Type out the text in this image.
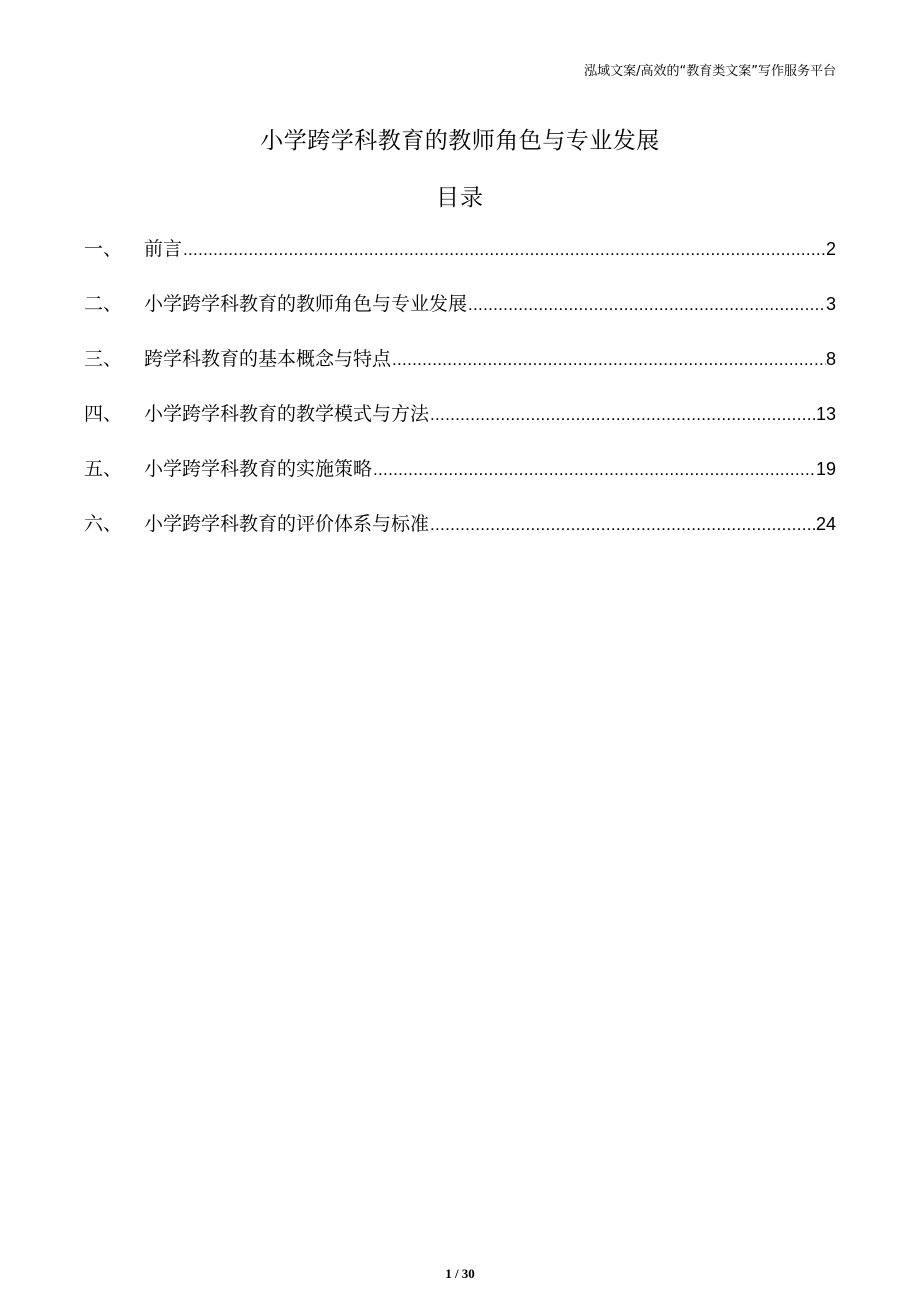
泓域文案/高效的“教育类文案”写作服务平台
小学跨学科教育的教师角色与专业发展
目录
一、	前言 .....	2
二、	小学跨学科教育的教师角色与专业发展 .....	3
三、	跨学科教育的基本概念与特点 .....	8
四、	小学跨学科教育的教学模式与方法 .....	13
五、	小学跨学科教育的实施策略 .....	19
六、	小学跨学科教育的评价体系与标准 .....	24
1 / 30
